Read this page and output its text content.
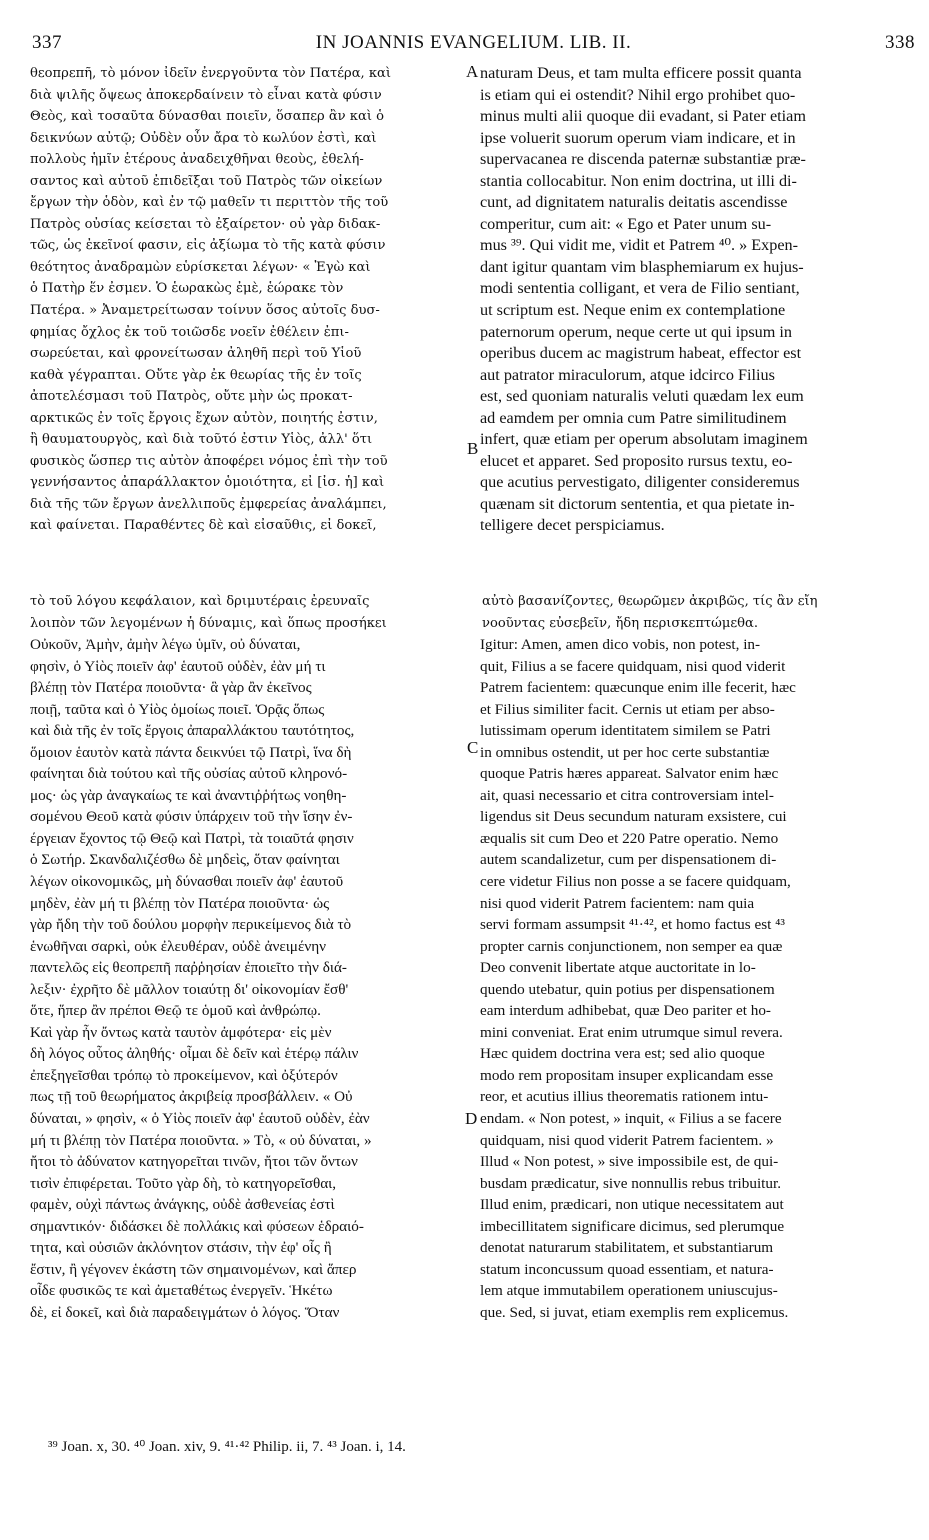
337	IN JOANNIS EVANGELIUM. LIB. II.	338
θεοπρεπῆ, τὸ μόνον ἰδεῖν ἐνεργοῦντα τὸν Πατέρα, καὶ
διὰ ψιλῆς ὄψεως ἀποκερδαίνειν τὸ εἶναι κατὰ φύσιν
Θεὸς, καὶ τοσαῦτα δύνασθαι ποιεῖν, ὅσαπερ ἂν καὶ ὁ
δεικνύων αὐτῷ; Οὐδὲν οὖν ἄρα τὸ κωλύον ἐστὶ, καὶ
πολλοὺς ἡμῖν ἑτέρους ἀναδειχθῆναι θεοὺς, ἐθελή-
σαντος καὶ αὐτοῦ ἐπιδεῖξαι τοῦ Πατρὸς τῶν οἰκείων
ἔργων τὴν ὁδὸν, καὶ ἐν τῷ μαθεῖν τι περιττὸν τῆς τοῦ
Πατρὸς οὐσίας κείσεται τὸ ἐξαίρετον· οὐ γὰρ διδακ-
τῶς, ὡς ἐκεῖνοί φασιν, εἰς ἀξίωμα τὸ τῆς κατὰ φύσιν
θεότητος ἀναδραμὼν εὑρίσκεται λέγων· « Ἐγὼ καὶ
ὁ Πατὴρ ἕν ἐσμεν. Ὁ ἑωρακὼς ἐμὲ, ἑώρακε τὸν
Πατέρα. » Ἀναμετρείτωσαν τοίνυν ὅσος αὐτοῖς δυσ-
φημίας ὄχλος ἐκ τοῦ τοιῶσδε νοεῖν ἐθέλειν ἐπι-
σωρεύεται, καὶ φρονείτωσαν ἀληθῆ περὶ τοῦ Υἱοῦ
καθὰ γέγραπται. Οὔτε γὰρ ἐκ θεωρίας τῆς ἐν τοῖς
ἀποτελέσμασι τοῦ Πατρὸς, οὔτε μὴν ὡς προκατ-
αρκτικῶς ἐν τοῖς ἔργοις ἔχων αὐτὸν, ποιητής ἐστιν,
ἢ θαυματουργὸς, καὶ διὰ τοῦτό ἐστιν Υἱὸς, ἀλλ' ὅτι
φυσικὸς ὥσπερ τις αὐτὸν ἀποφέρει νόμος ἐπὶ τὴν τοῦ
γεννήσαντος ἀπαράλλακτον ὁμοιότητα, εἰ [ἰσ. ἡ] καὶ
διὰ τῆς τῶν ἔργων ἀνελλιποῦς ἐμφερείας ἀναλάμπει,
καὶ φαίνεται. Παραθέντες δὲ καὶ εἰσαῦθις, εἰ δοκεῖ,
naturam Deus, et tam multa efficere possit quanta
is etiam qui ei ostendit? Nihil ergo prohibet quo-
minus multi alii quoque dii evadant, si Pater etiam
ipse voluerit suorum operum viam indicare, et in
supervacanea re discenda paternæ substantiæ præ-
stantia collocabitur. Non enim doctrina, ut illi di-
cunt, ad dignitatem naturalis deitatis ascendisse
comperitur, cum ait: « Ego et Pater unum su-
mus ³⁹. Qui vidit me, vidit et Patrem ⁴⁰. » Expen-
dant igitur quantam vim blasphemiarum ex hujus-
modi sententia colligant, et vera de Filio sentiant,
ut scriptum est. Neque enim ex contemplatione
paternorum operum, neque certe ut qui ipsum in
operibus ducem ac magistrum habeat, effector est
aut patrator miraculorum, atque idcirco Filius
est, sed quoniam naturalis veluti quædam lex eum
ad eamdem per omnia cum Patre similitudinem
infert, quæ etiam per operum absolutam imaginem
elucet et apparet. Sed proposito rursus textu, eo-
que acutius pervestigato, diligenter consideremus
quænam sit dictorum sententia, et qua pietate in-
telligere decet perspiciamus.
A
B
C
D
τὸ τοῦ λόγου κεφάλαιον, καὶ δριμυτέραις ἐρευναῖς	αὐτὸ βασανίζοντες, θεωρῶμεν ἀκριβῶς, τίς ἂν εἴη
λοιπὸν τῶν λεγομένων ἡ δύναμις, καὶ ὅπως προσήκει	νοοῦντας εὐσεβεῖν, ἤδη περισκεπτώμεθα.
Οὐκοῦν, Ἀμὴν, ἀμὴν λέγω ὑμῖν, οὐ δύναται,
φησὶν, ὁ Υἱὸς ποιεῖν ἀφ' ἑαυτοῦ οὐδὲν, ἐὰν μή τι
βλέπῃ τὸν Πατέρα ποιοῦντα· ἃ γὰρ ἂν ἐκεῖνος
ποιῇ, ταῦτα καὶ ὁ Υἱὸς ὁμοίως ποιεῖ. Ὁρᾷς ὅπως
καὶ διὰ τῆς ἐν τοῖς ἔργοις ἀπαραλλάκτου ταυτότητος,
ὅμοιον ἑαυτὸν κατὰ πάντα δεικνύει τῷ Πατρὶ, ἵνα δὴ
φαίνηται διὰ τούτου καὶ τῆς οὐσίας αὐτοῦ κληρονό-
μος· ὡς γὰρ ἀναγκαίως τε καὶ ἀναντιῤῥήτως νοηθη-
σομένου Θεοῦ κατὰ φύσιν ὑπάρχειν τοῦ τὴν ἴσην ἐν-
έργειαν ἔχοντος τῷ Θεῷ καὶ Πατρὶ, τὰ τοιαῦτά φησιν
ὁ Σωτήρ. Σκανδαλιζέσθω δὲ μηδεὶς, ὅταν φαίνηται
λέγων οἰκονομικῶς, μὴ δύνασθαι ποιεῖν ἀφ' ἑαυτοῦ
μηδὲν, ἐὰν μή τι βλέπῃ τὸν Πατέρα ποιοῦντα· ὡς
γὰρ ἤδη τὴν τοῦ δούλου μορφὴν περικείμενος διὰ τὸ
ἑνωθῆναι σαρκὶ, οὐκ ἐλευθέραν, οὐδὲ ἀνειμένην
παντελῶς εἰς θεοπρεπῆ παῤῥησίαν ἐποιεῖτο τὴν διά-
λεξιν· ἐχρῆτο δὲ μᾶλλον τοιαύτῃ δι' οἰκονομίαν ἔσθ'
ὅτε, ἥπερ ἂν πρέποι Θεῷ τε ὁμοῦ καὶ ἀνθρώπῳ.
Καὶ γὰρ ἦν ὄντως κατὰ ταυτὸν ἀμφότερα· εἰς μὲν
δὴ λόγος οὗτος ἀληθής· οἶμαι δὲ δεῖν καὶ ἑτέρῳ πάλιν
ἐπεξηγεῖσθαι τρόπῳ τὸ προκείμενον, καὶ ὀξύτερόν
πως τῇ τοῦ θεωρήματος ἀκριβείᾳ προσβάλλειν. « Οὐ
δύναται, » φησὶν, « ὁ Υἱὸς ποιεῖν ἀφ' ἑαυτοῦ οὐδὲν, ἐὰν
μή τι βλέπῃ τὸν Πατέρα ποιοῦντα. » Τὸ, « οὐ δύναται, »
ἤτοι τὸ ἀδύνατον κατηγορεῖται τινῶν, ἤτοι τῶν ὄντων
τισὶν ἐπιφέρεται. Τοῦτο γὰρ δὴ, τὸ κατηγορεῖσθαι,
φαμὲν, οὐχὶ πάντως ἀνάγκης, οὐδὲ ἀσθενείας ἐστὶ
σημαντικόν· διδάσκει δὲ πολλάκις καὶ φύσεων ἑδραιό-
τητα, καὶ οὐσιῶν ἀκλόνητον στάσιν, τὴν ἐφ' οἷς ἢ
ἔστιν, ἢ γέγονεν ἑκάστη τῶν σημαινομένων, καὶ ἅπερ
οἶδε φυσικῶς τε καὶ ἀμεταθέτως ἐνεργεῖν. Ἡκέτω
δὲ, εἰ δοκεῖ, καὶ διὰ παραδειγμάτων ὁ λόγος. Ὅταν
Igitur: Amen, amen dico vobis, non potest, in-
quit, Filius a se facere quidquam, nisi quod viderit
Patrem facientem: quæcunque enim ille fecerit, hæc
et Filius similiter facit. Cernis ut etiam per abso-
lutissimam operum identitatem similem se Patri
in omnibus ostendit, ut per hoc certe substantiæ
quoque Patris hæres appareat. Salvator enim hæc
ait, quasi necessario et citra controversiam intel-
ligendus sit Deus secundum naturam exsistere, cui
æqualis sit cum Deo et 220 Patre operatio. Nemo
autem scandalizetur, cum per dispensationem di-
cere videtur Filius non posse a se facere quidquam,
nisi quod viderit Patrem facientem: nam quia
servi formam assumpsit ⁴¹·⁴², et homo factus est ⁴³
propter carnis conjunctionem, non semper ea quæ
Deo convenit libertate atque auctoritate in lo-
quendo utebatur, quin potius per dispensationem
eam interdum adhibebat, quæ Deo pariter et ho-
mini conveniat. Erat enim utrumque simul revera.
Hæc quidem doctrina vera est; sed alio quoque
modo rem propositam insuper explicandam esse
reor, et acutius illius theorematis rationem intu-
endam. « Non potest, » inquit, « Filius a se facere
quidquam, nisi quod viderit Patrem facientem. »
Illud « Non potest, » sive impossibile est, de qui-
busdam prædicatur, sive nonnullis rebus tribuitur.
Illud enim, prædicari, non utique necessitatem aut
imbecillitatem significare dicimus, sed plerumque
denotat naturarum stabilitatem, et substantiarum
statum inconcussum quoad essentiam, et natura-
lem atque immutabilem operationem uniuscujus-
que. Sed, si juvat, etiam exemplis rem explicemus.
³⁹ Joan. x, 30. ⁴⁰ Joan. xiv, 9. ⁴¹·⁴² Philip. ii, 7. ⁴³ Joan. i, 14.
